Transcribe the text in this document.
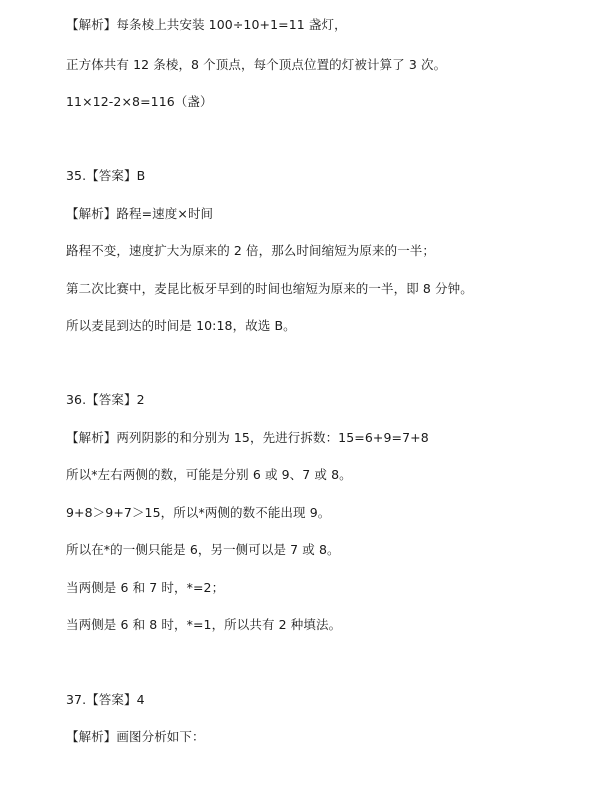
【解析】每条棱上共安装 100÷10+1=11 盏灯，
正方体共有 12 条棱，8 个顶点，每个顶点位置的灯被计算了 3 次。
11×12-2×8=116（盏）
35.【答案】B
【解析】路程=速度×时间
路程不变，速度扩大为原来的 2 倍，那么时间缩短为原来的一半；
第二次比赛中，麦昆比板牙早到的时间也缩短为原来的一半，即 8 分钟。
所以麦昆到达的时间是 10:18，故选 B。
36.【答案】2
【解析】两列阴影的和分别为 15，先进行拆数：15=6+9=7+8
所以*左右两侧的数，可能是分别 6 或 9、7 或 8。
9+8＞9+7＞15，所以*两侧的数不能出现 9。
所以在*的一侧只能是 6，另一侧可以是 7 或 8。
当两侧是 6 和 7 时，*=2；
当两侧是 6 和 8 时，*=1，所以共有 2 种填法。
37.【答案】4
【解析】画图分析如下：
